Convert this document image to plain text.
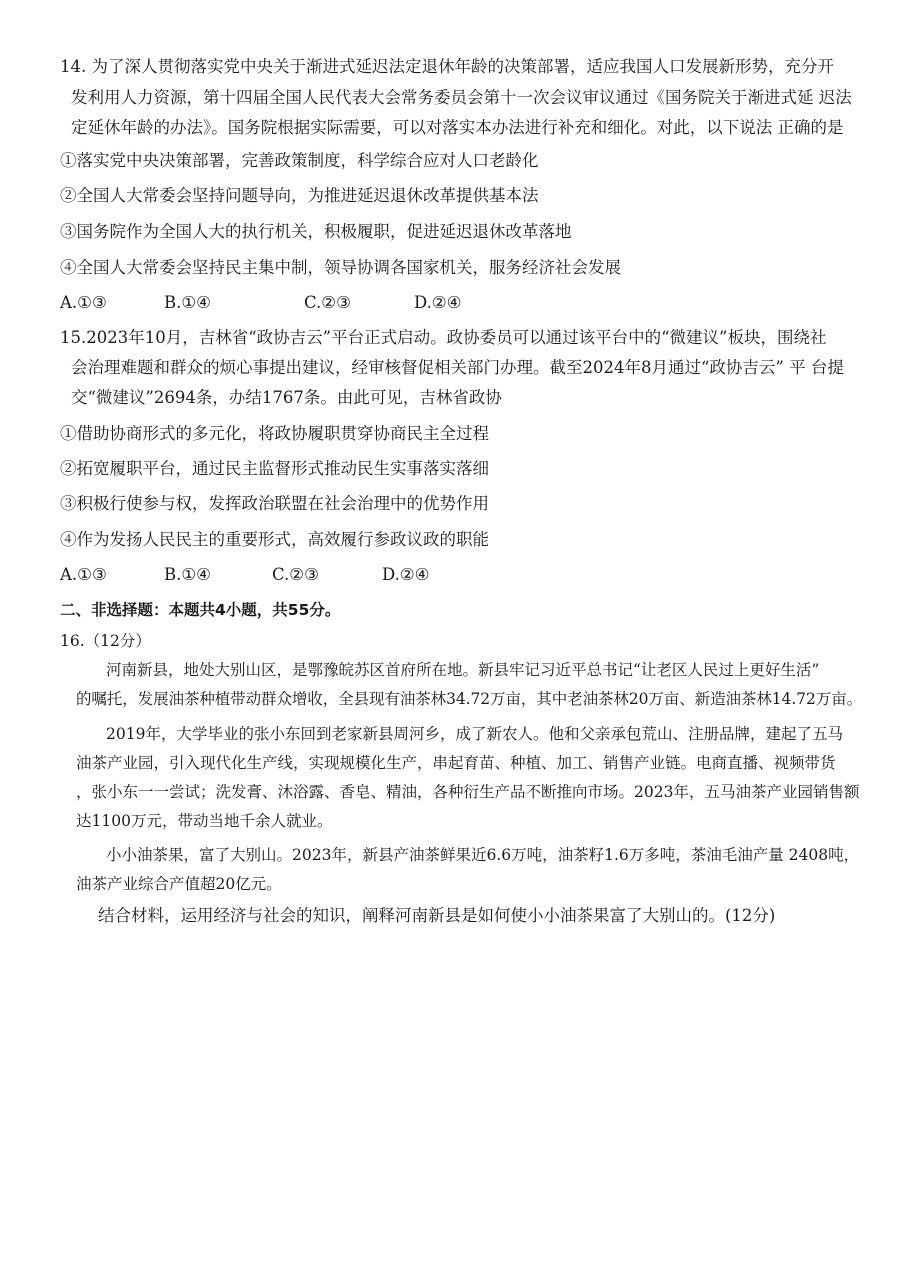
14. 为了深人贯彻落实党中央关于渐进式延迟法定退休年龄的决策部署，适应我国人口发展新形势，充分开
发利用人力资源，第十四届全国人民代表大会常务委员会第十一次会议审议通过《国务院关于渐进式延 迟法
定延休年龄的办法》。国务院根据实际需要，可以对落实本办法进行补充和细化。对此，以下说法 正确的是
①落实党中央决策部署，完善政策制度，科学综合应对人口老龄化
②全国人大常委会坚持问题导向，为推进延迟退休改革提供基本法
③国务院作为全国人大的执行机关，积极履职，促进延迟退休改革落地
④全国人大常委会坚持民主集中制，领导协调各国家机关，服务经济社会发展
A.①③	B.①④	C.②③	D.②④
15.2023年10月，吉林省“政协吉云”平台正式启动。政协委员可以通过该平台中的“微建议”板块，围绕社
会治理难题和群众的烦心事提出建议，经审核督促相关部门办理。截至2024年8月通过“政协吉云” 平 台提
交“微建议”2694条，办结1767条。由此可见，吉林省政协
①借助协商形式的多元化，将政协履职贯穿协商民主全过程
②拓宽履职平台，通过民主监督形式推动民生实事落实落细
③积极行使参与权，发挥政治联盟在社会治理中的优势作用
④作为发扬人民民主的重要形式，高效履行参政议政的职能
A.①③	B.①④	C.②③	D.②④
二、非选择题：本题共4小题，共55分。
16.（12分）
河南新县，地处大别山区，是鄂豫皖苏区首府所在地。新县牢记习近平总书记“让老区人民过上更好生活”
的嘱托，发展油茶种植带动群众增收，全县现有油茶林34.72万亩，其中老油茶林20万亩、新造油茶林14.72万亩。
2019年，大学毕业的张小东回到老家新县周河乡，成了新农人。他和父亲承包荒山、注册品牌，建起了五马
油茶产业园，引入现代化生产线，实现规模化生产，串起育苗、种植、加工、销售产业链。电商直播、视频带货
，张小东一一尝试；洗发膏、沐浴露、香皂、精油，各种衍生产品不断推向市场。2023年，五马油茶产业园销售额
达1100万元，带动当地千余人就业。
小小油茶果，富了大别山。2023年，新县产油茶鲜果近6.6万吨，油茶籽1.6万多吨，茶油毛油产量 2408吨，
油茶产业综合产值超20亿元。
结合材料，运用经济与社会的知识，阐释河南新县是如何使小小油茶果富了大别山的。(12分)
